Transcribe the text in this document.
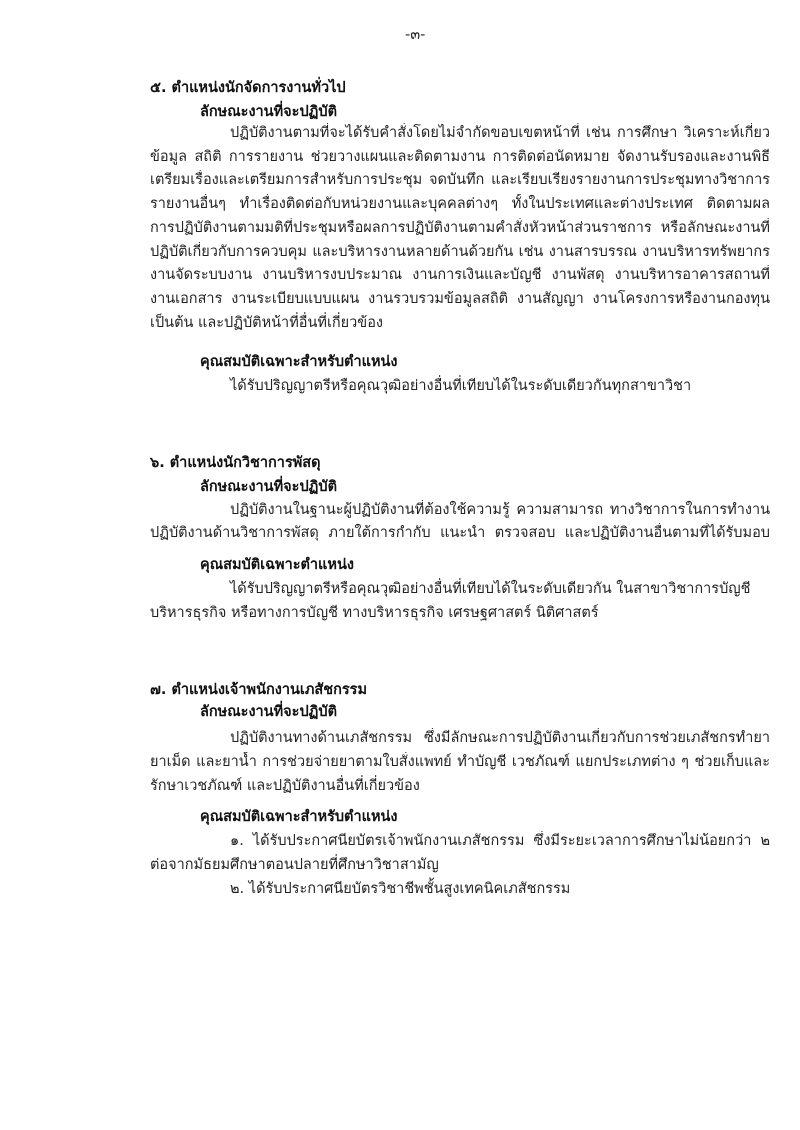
-๓-
๕. ตำแหน่งนักจัดการงานทั่วไป
ลักษณะงานที่จะปฏิบัติ
ปฏิบัติงานตามที่จะได้รับคำสั่งโดยไม่จำกัดขอบเขตหน้าที่ เช่น การศึกษา วิเคราะห์เกี่ยว
ข้อมูล สถิติ การรายงาน ช่วยวางแผนและติดตามงาน การติดต่อนัดหมาย จัดงานรับรองและงานพิธี
เตรียมเรื่องและเตรียมการสำหรับการประชุม จดบันทึก และเรียบเรียงรายงานการประชุมทางวิชาการ
รายงานอื่นๆ ทำเรื่องติดต่อกับหน่วยงานและบุคคลต่างๆ ทั้งในประเทศและต่างประเทศ ติดตามผล
การปฏิบัติงานตามมติที่ประชุมหรือผลการปฏิบัติงานตามคำสั่งหัวหน้าส่วนราชการ หรือลักษณะงานที่
ปฏิบัติเกี่ยวกับการควบคุม และบริหารงานหลายด้านด้วยกัน เช่น งานสารบรรณ งานบริหารทรัพยากร
งานจัดระบบงาน งานบริหารงบประมาณ งานการเงินและบัญชี งานพัสดุ งานบริหารอาคารสถานที่
งานเอกสาร งานระเบียบแบบแผน งานรวบรวมข้อมูลสถิติ งานสัญญา งานโครงการหรืองานกองทุน
เป็นต้น และปฏิบัติหน้าที่อื่นที่เกี่ยวข้อง
คุณสมบัติเฉพาะสำหรับตำแหน่ง
ได้รับปริญญาตรีหรือคุณวุฒิอย่างอื่นที่เทียบได้ในระดับเดียวกันทุกสาขาวิชา
๖. ตำแหน่งนักวิชาการพัสดุ
ลักษณะงานที่จะปฏิบัติ
ปฏิบัติงานในฐานะผู้ปฏิบัติงานที่ต้องใช้ความรู้ ความสามารถ ทางวิชาการในการทำงาน
ปฏิบัติงานด้านวิชาการพัสดุ ภายใต้การกำกับ แนะนำ ตรวจสอบ และปฏิบัติงานอื่นตามที่ได้รับมอบ
คุณสมบัติเฉพาะตำแหน่ง
ได้รับปริญญาตรีหรือคุณวุฒิอย่างอื่นที่เทียบได้ในระดับเดียวกัน ในสาขาวิชาการบัญชี
บริหารธุรกิจ หรือทางการบัญชี ทางบริหารธุรกิจ เศรษฐศาสตร์ นิติศาสตร์
๗. ตำแหน่งเจ้าพนักงานเภสัชกรรม
ลักษณะงานที่จะปฏิบัติ
ปฏิบัติงานทางด้านเภสัชกรรม ซึ่งมีลักษณะการปฏิบัติงานเกี่ยวกับการช่วยเภสัชกรทำยา
ยาเม็ด และยาน้ำ การช่วยจ่ายยาตามใบสั่งแพทย์ ทำบัญชี เวชภัณฑ์ แยกประเภทต่าง ๆ ช่วยเก็บและ
รักษาเวชภัณฑ์ และปฏิบัติงานอื่นที่เกี่ยวข้อง
คุณสมบัติเฉพาะสำหรับตำแหน่ง
๑. ได้รับประกาศนียบัตรเจ้าพนักงานเภสัชกรรม ซึ่งมีระยะเวลาการศึกษาไม่น้อยกว่า ๒
ต่อจากมัธยมศึกษาตอนปลายที่ศึกษาวิชาสามัญ
๒. ได้รับประกาศนียบัตรวิชาชีพชั้นสูงเทคนิคเภสัชกรรม
